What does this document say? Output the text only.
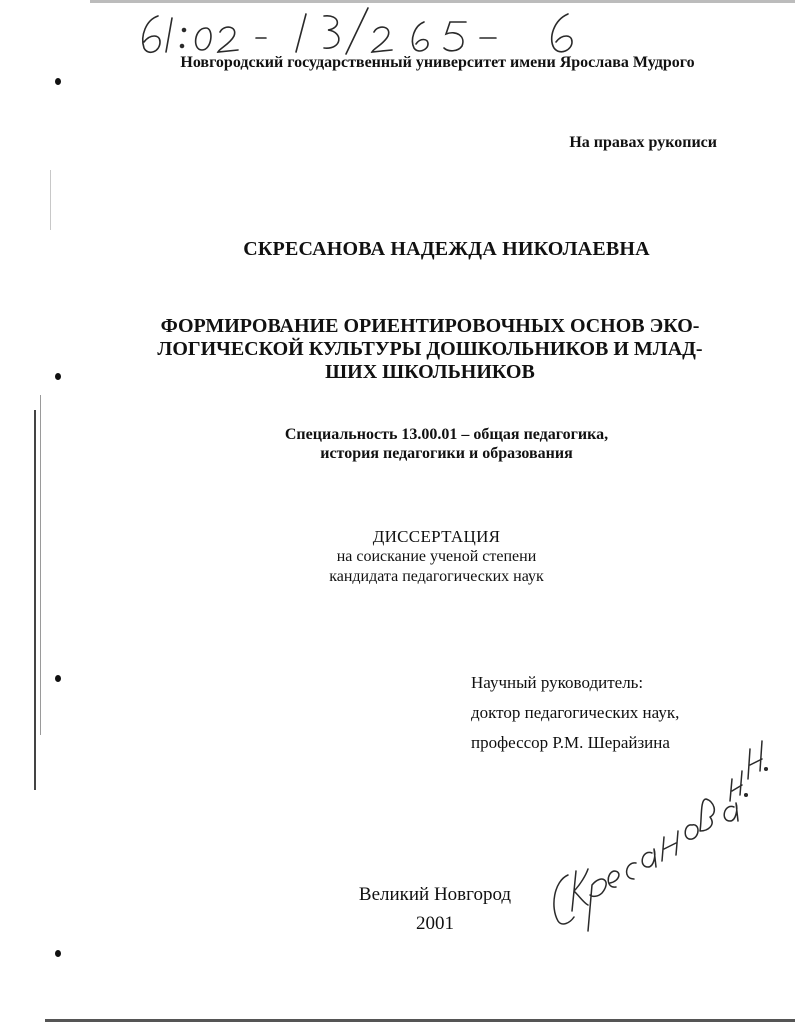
Новгородский государственный университет имени Ярослава Мудрого
На правах рукописи
СКРЕСАНОВА НАДЕЖДА НИКОЛАЕВНА
ФОРМИРОВАНИЕ ОРИЕНТИРОВОЧНЫХ ОСНОВ ЭКО-
ЛОГИЧЕСКОЙ КУЛЬТУРЫ ДОШКОЛЬНИКОВ И МЛАД-
ШИХ ШКОЛЬНИКОВ
Специальность 13.00.01 – общая педагогика,
история педагогики и образования
ДИССЕРТАЦИЯ
на соискание ученой степени
кандидата педагогических наук
Научный руководитель:
доктор педагогических наук,
профессор Р.М. Шерайзина
Великий Новгород
2001
